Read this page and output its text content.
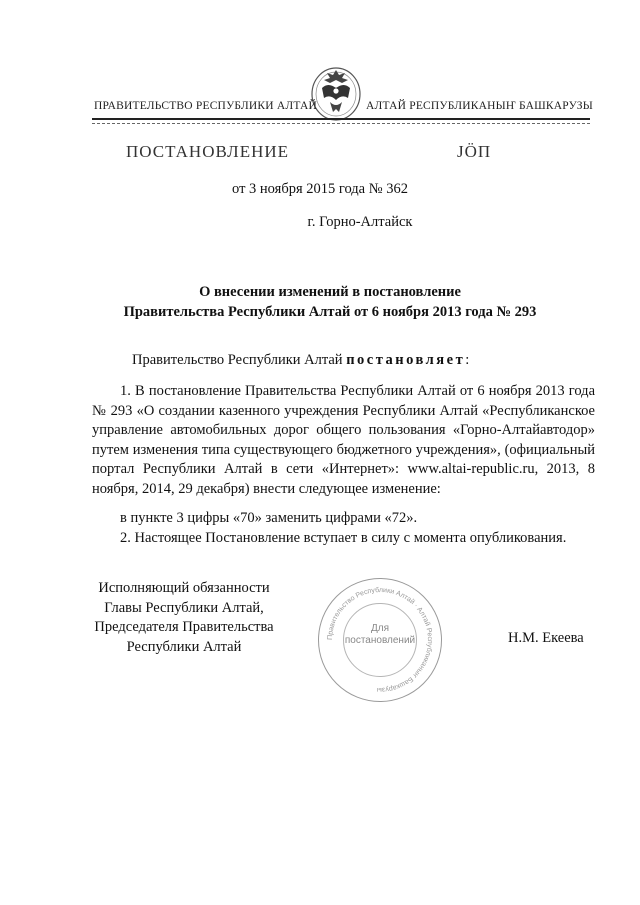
ПРАВИТЕЛЬСТВО РЕСПУБЛИКИ АЛТАЙ	АЛТАЙ РЕСПУБЛИКАНЫҤ БАШКАРУЗЫ
ПОСТАНОВЛЕНИЕ	ЈӦП
от 3 ноября 2015 года № 362
г. Горно-Алтайск
О внесении изменений в постановление
Правительства Республики Алтай от 6 ноября 2013 года № 293
Правительство Республики Алтай постановляет:
1. В постановление Правительства Республики Алтай от 6 ноября 2013 года № 293 «О создании казенного учреждения Республики Алтай «Республиканское управление автомобильных дорог общего пользования «Горно-Алтайавтодор» путем изменения типа существующего бюджетного учреждения», (официальный портал Республики Алтай в сети «Интернет»: www.altai-republic.ru, 2013, 8 ноября, 2014, 29 декабря) внести следующее изменение:
в пункте 3 цифры «70» заменить цифрами «72».
2. Настоящее Постановление вступает в силу с момента опубликования.
Исполняющий обязанности
Главы Республики Алтай,
Председателя Правительства
Республики Алтай
Н.М. Екеева
Правительство Республики Алтай · Алтай Республиканыҥ Башкарузы
Для
постановлений
